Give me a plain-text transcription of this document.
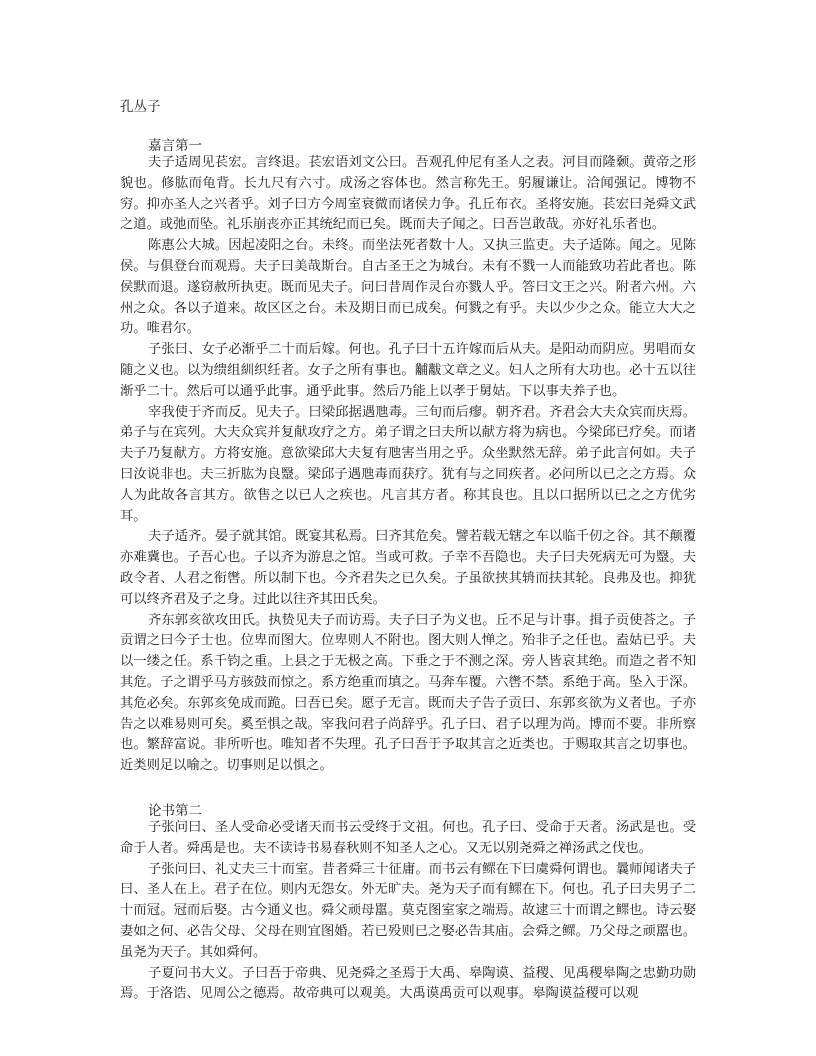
孔丛子
嘉言第一

夫子适周见苌宏。言终退。苌宏语刘文公曰。吾观孔仲尼有圣人之表。河目而隆颡。黄帝之形貌也。修肱而龟背。长九尺有六寸。成汤之容体也。然言称先王。躬履谦让。洽闻强记。博物不穷。抑亦圣人之兴者乎。刘子曰方今周室衰微而诸侯力争。孔丘布衣。圣将安施。苌宏曰尧舜文武之道。或弛而坠。礼乐崩丧亦正其统纪而已矣。既而夫子闻之。曰吾岂敢哉。亦好礼乐者也。

陈惠公大城。因起凌阳之台。未终。而坐法死者数十人。又执三监吏。夫子适陈。闻之。见陈侯。与俱登台而观焉。夫子曰美哉斯台。自古圣王之为城台。未有不戮一人而能致功若此者也。陈侯默而退。遂窃赦所执吏。既而见夫子。问曰昔周作灵台亦戮人乎。答曰文王之兴。附者六州。六州之众。各以子道来。故区区之台。未及期日而已成矣。何戮之有乎。夫以少少之众。能立大大之功。唯君尔。

子张曰、女子必渐乎二十而后嫁。何也。孔子曰十五许嫁而后从夫。是阳动而阴应。男唱而女随之义也。以为缋组紃织纴者。女子之所有事也。黼黻文章之义。妇人之所有大功也。必十五以往渐乎二十。然后可以通乎此事。通乎此事。然后乃能上以孝于舅姑。下以事夫养子也。

宰我使于齐而反。见夫子。曰梁邱据遇虺毒。三旬而后瘳。朝齐君。齐君会大夫众宾而庆焉。弟子与在宾列。大夫众宾并复献攻疗之方。弟子谓之曰夫所以献方将为病也。今梁邱已疗矣。而诸夫子乃复献方。方将安施。意欲梁邱大夫复有虺害当用之乎。众坐默然无辞。弟子此言何如。夫子曰汝说非也。夫三折肱为良毉。梁邱子遇虺毒而获疗。犹有与之同疾者。必问所以已之之方焉。众人为此故各言其方。欲售之以已人之疾也。凡言其方者。称其良也。且以口据所以已之之方优劣耳。

夫子适齐。晏子就其馆。既宴其私焉。曰齐其危矣。譬若载无辖之车以临千仞之谷。其不颠覆亦难冀也。子吾心也。子以齐为游息之馆。当或可救。子幸不吾隐也。夫子曰夫死病无可为毉。夫政令者、人君之衔辔。所以制下也。今齐君失之已久矣。子虽欲挟其辀而扶其轮。良弗及也。抑犹可以终齐君及子之身。过此以往齐其田氏矣。

齐东郭亥欲攻田氏。执贽见夫子而访焉。夫子曰子为义也。丘不足与计事。揖子贡使荅之。子贡谓之曰今子士也。位卑而图大。位卑则人不附也。图大则人惮之。殆非子之任也。盍姑已乎。夫以一缕之任。系千钧之重。上县之于无极之高。下垂之于不测之深。旁人皆哀其绝。而造之者不知其危。子之谓乎马方骇鼓而惊之。系方绝重而填之。马奔车覆。六辔不禁。系绝于高。坠入于深。其危必矣。东郭亥免成而跪。曰吾已矣。愿子无言。既而夫子告子贡曰、东郭亥欲为义者也。子亦告之以难易则可矣。奚至惧之哉。宰我问君子尚辞乎。孔子曰、君子以理为尚。博而不要。非所察也。繁辞富说。非所听也。唯知者不失理。孔子曰吾于予取其言之近类也。于赐取其言之切事也。近类则足以喻之。切事则足以惧之。

论书第二

子张问曰、圣人受命必受诸天而书云受终于文祖。何也。孔子曰、受命于天者。汤武是也。受命于人者。舜禹是也。夫不读诗书易春秋则不知圣人之心。又无以别尧舜之禅汤武之伐也。

子张问曰、礼丈夫三十而室。昔者舜三十征庸。而书云有鳏在下曰虞舜何谓也。曩师闻诸夫子曰、圣人在上。君子在位。则内无怨女。外无旷夫。尧为天子而有鳏在下。何也。孔子曰夫男子二十而冠。冠而后娶。古今通义也。舜父顽母嚚。莫克图室家之端焉。故逮三十而谓之鳏也。诗云娶妻如之何、必告父母、父母在则宜图婚。若已殁则已之娶必告其庙。会舜之鳏。乃父母之顽嚚也。虽尧为天子。其如舜何。

子夏问书大义。子曰吾于帝典、见尧舜之圣焉于大禹、皋陶谟、益稷、见禹稷皋陶之忠勤功勋焉。于洛诰、见周公之德焉。故帝典可以观美。大禹谟禹贡可以观事。皋陶谟益稷可以观
